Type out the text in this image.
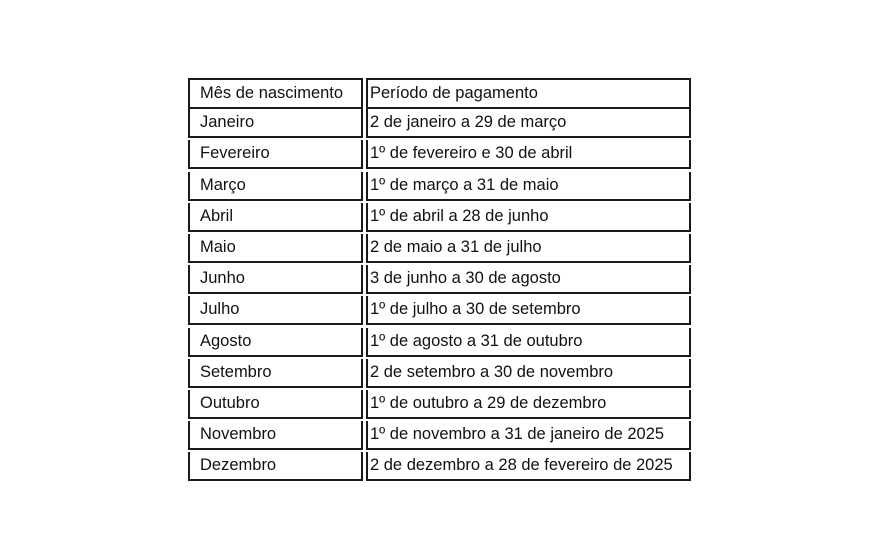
Mês de nascimento	Período de pagamento
Janeiro	2 de janeiro a 29 de março
Fevereiro	1º de fevereiro e 30 de abril
Março	1º de março a 31 de maio
Abril	1º de abril a 28 de junho
Maio	2 de maio a 31 de julho
Junho	3 de junho a 30 de agosto
Julho	1º de julho a 30 de setembro
Agosto	1º de agosto a 31 de outubro
Setembro	2 de setembro a 30 de novembro
Outubro	1º de outubro a 29 de dezembro
Novembro	1º de novembro a 31 de janeiro de 2025
Dezembro	2 de dezembro a 28 de fevereiro de 2025
